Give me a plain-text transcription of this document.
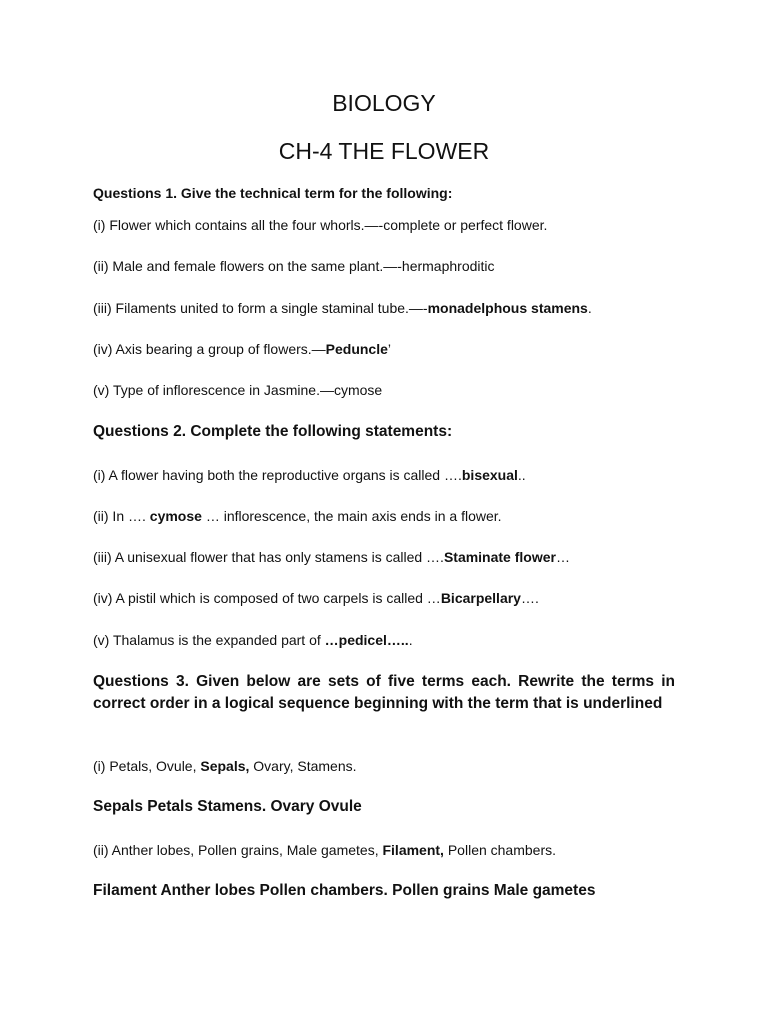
BIOLOGY
CH-4 THE FLOWER

Questions 1. Give the technical term for the following:

(i) Flower which contains all the four whorls.—-complete or perfect flower.

(ii) Male and female flowers on the same plant.—-hermaphroditic

(iii) Filaments united to form a single staminal tube.—-monadelphous stamens.

(iv) Axis bearing a group of flowers.—Peduncle’

(v) Type of inflorescence in Jasmine.—cymose

Questions 2. Complete the following statements:

(i) A flower having both the reproductive organs is called ….bisexual..

(ii) In …. cymose … inflorescence, the main axis ends in a flower.

(iii) A unisexual flower that has only stamens is called ….Staminate flower…

(iv) A pistil which is composed of two carpels is called …Bicarpellary….

(v) Thalamus is the expanded part of …pedicel…...

Questions 3. Given below are sets of five terms each. Rewrite the terms in correct order in a logical sequence beginning with the term that is underlined

(i) Petals, Ovule, Sepals, Ovary, Stamens.

Sepals Petals Stamens. Ovary Ovule

(ii) Anther lobes, Pollen grains, Male gametes, Filament, Pollen chambers.

Filament Anther lobes Pollen chambers. Pollen grains Male gametes
